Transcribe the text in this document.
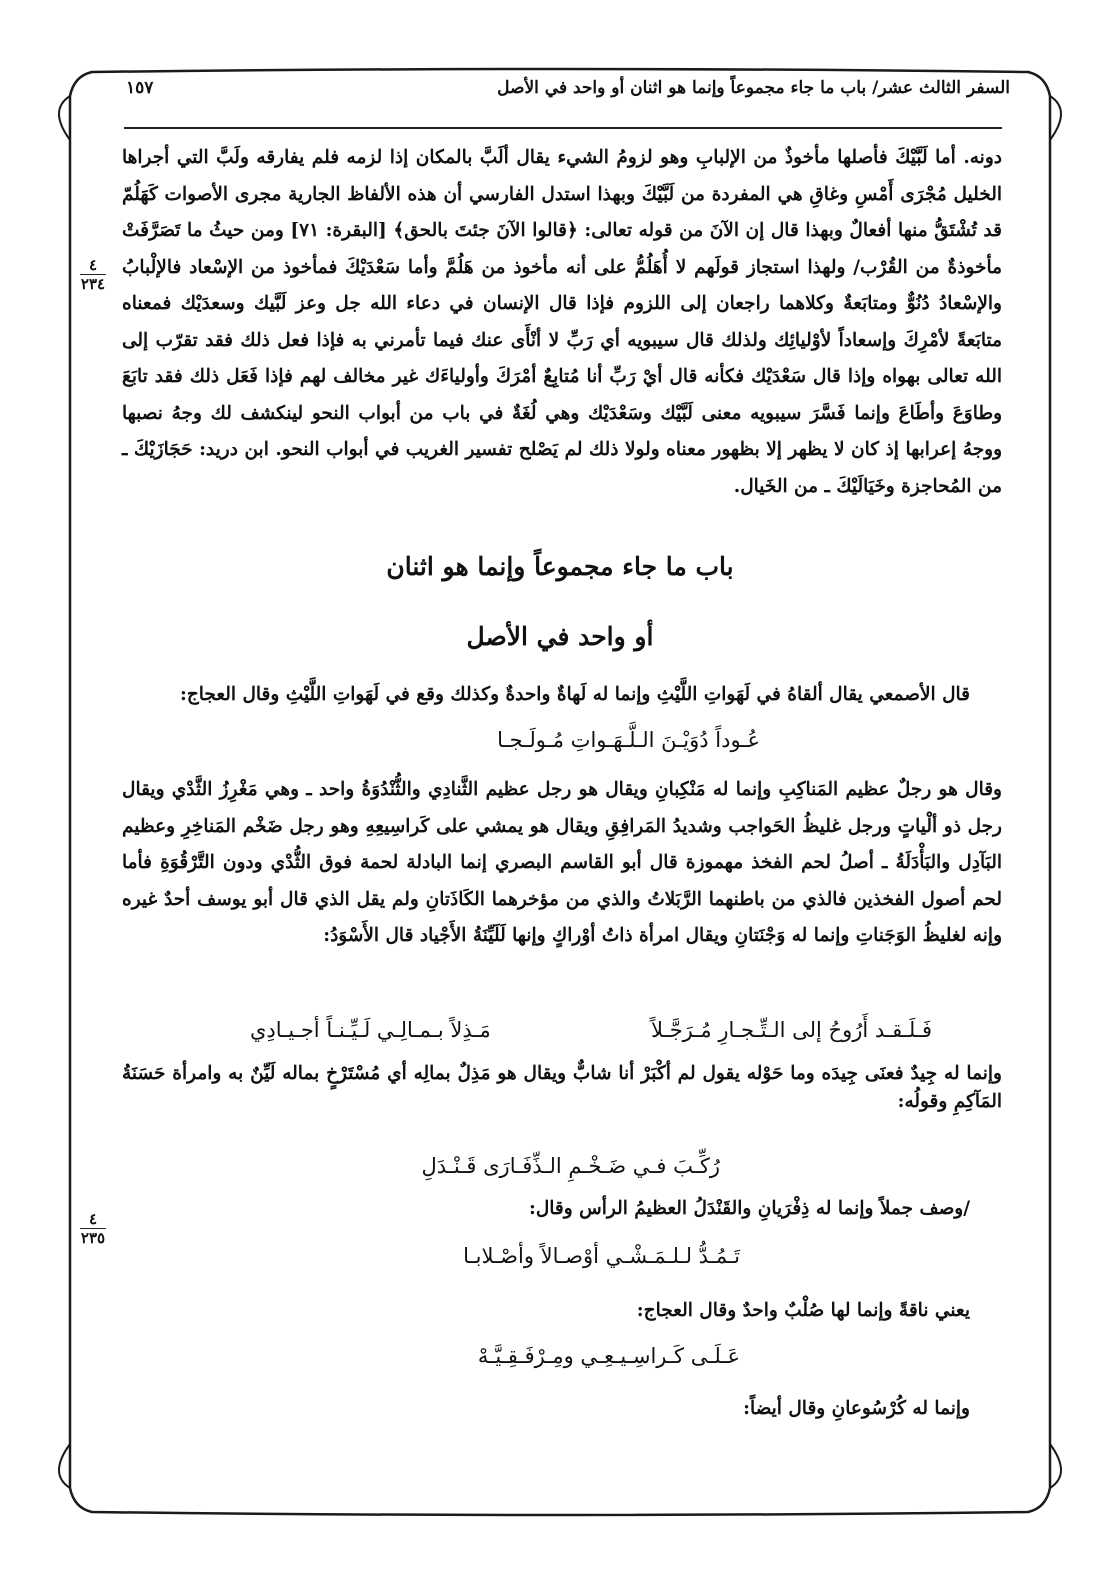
السفر الثالث عشر/ باب ما جاء مجموعاً وإنما هو اثنان أو واحد في الأصل
١٥٧
٤
٢٣٤
٤
٢٣٥
دونه. أما لَبَّيْكَ فأصلها مأخوذٌ من الإلبابِ وهو لزومُ الشيء يقال ألَبَّ بالمكان إذا لزمه فلم يفارقه ولَبَّ التي أجراها الخليل مُجْرَى أَمْسِ وغاقِ هي المفردة من لَبَّيْكَ وبهذا استدل الفارسي أن هذه الألفاظ الجارية مجرى الأصوات كَهَلُمّ قد تُشْتَقُّ منها أفعالٌ وبهذا قال إن الآنَ من قوله تعالى: ﴿قالوا الآنَ جئتَ بالحق﴾ [البقرة: ٧١] ومن حيثُ ما تَصَرَّفَتْ مأخوذةٌ من القُرْب/ ولهذا استجاز قولَهم لا أُهَلُمُّ على أنه مأخوذ من هَلُمَّ وأما سَعْدَيْكَ فمأخوذ من الإسْعاد فالإلْبابُ والإسْعادُ دُنُوٌّ ومتابَعةٌ وكلاهما راجعان إلى اللزوم فإذا قال الإنسان في دعاء الله جل وعز لَبَّيك وسعدَيْك فمعناه متابَعةً لأمْرِكَ وإسعاداً لأوْليائِك ولذلك قال سيبويه أي رَبِّ لا أنْأَى عنك فيما تأمرني به فإذا فعل ذلك فقد تقرّب إلى الله تعالى بهواه وإذا قال سَعْدَيْك فكأنه قال أيْ رَبِّ أنا مُتابِعٌ أمْرَكَ وأولياءَك غير مخالف لهم فإذا فَعَل ذلك فقد تابَعَ وطاوَعَ وأطَاعَ وإنما فَسَّرَ سيبويه معنى لَبَّيْك وسَعْدَيْك وهي لُغَةٌ في باب من أبواب النحو لينكشف لك وجهُ نصبها ووجهُ إعرابها إذ كان لا يظهر إلا بظهور معناه ولولا ذلك لم يَصْلح تفسير الغريب في أبواب النحو. ابن دريد: حَجَازَيْكَ ـ من المُحاجزة وخَيَالَيْكَ ـ من الخَيال.
باب ما جاء مجموعاً وإنما هو اثنان
أو واحد في الأصل
قال الأصمعي يقال ألقاهُ في لَهَواتِ اللَّيْثِ وإنما له لَهاةٌ واحدةٌ وكذلك وقع في لَهَواتِ اللَّيْثِ وقال العجاج:
عُـوداً دُوَيْـنَ الـلَّـهَـواتِ مُـولَـجـا
وقال هو رجلٌ عظيم المَناكِبِ وإنما له مَنْكِبانِ ويقال هو رجل عظيم الثَّنادِي والثُّنْدُوَةُ واحد ـ وهي مَغْرِزُ الثَّدْي ويقال رجل ذو ألْياتٍ ورجل غليظُ الحَواجب وشديدُ المَرافِقِ ويقال هو يمشي على كَراسِيعِهِ وهو رجل ضَخْم المَناخِرِ وعظيم البَآدِل والبَأْدَلَةُ ـ أصلُ لحم الفخذ مهموزة قال أبو القاسم البصري إنما البادلة لحمة فوق الثُّدْي ودون التَّرْقُوَةِ فأما لحم أصول الفخذين فالذي من باطنهما الرَّبَلاتُ والذي من مؤخرهما الكَاذَتانِ ولم يقل الذي قال أبو يوسف أحدٌ غيره وإنه لغليظُ الوَجَناتِ وإنما له وَجْنَتانِ ويقال امرأة ذاتُ أوْراكٍ وإنها لَلَيِّنَةُ الأَجْياد قال الأَسْوَدُ:
فَـلَـقـد أَرُوحُ إلى الـتِّـجـارِ مُـرَجَّـلاً
مَـذِلاً بـمـالِـي لَـيِّـنـاً أجـيـادِي
وإنما له جِيدٌ فعنَى جِيدَه وما حَوْله يقول لم أكْبَرْ أنا شابٌّ ويقال هو مَذِلٌ بمالِه أي مُسْتَرْخٍ بماله لَيِّنٌ به وامرأة حَسَنَةُ المَآكِمِ وقولُه:
رُكِّـبَ فـي ضَـخْـمِ الـذِّفَـارَى قَـنْـدَلِ
/وصف جملاً وإنما له ذِفْرَيانِ والقَنْدَلُ العظيمُ الرأس وقال:
تَـمُـدُّ لـلـمَـشْـي أوْصـالاً وأصْـلابـا
يعني ناقةً وإنما لها صُلْبٌ واحدٌ وقال العجاج:
عَـلَـى كَـراسِـيـعِـي ومِـرْفَـقِـيَّـهْ
وإنما له كُرْسُوعانِ وقال أيضاً:
